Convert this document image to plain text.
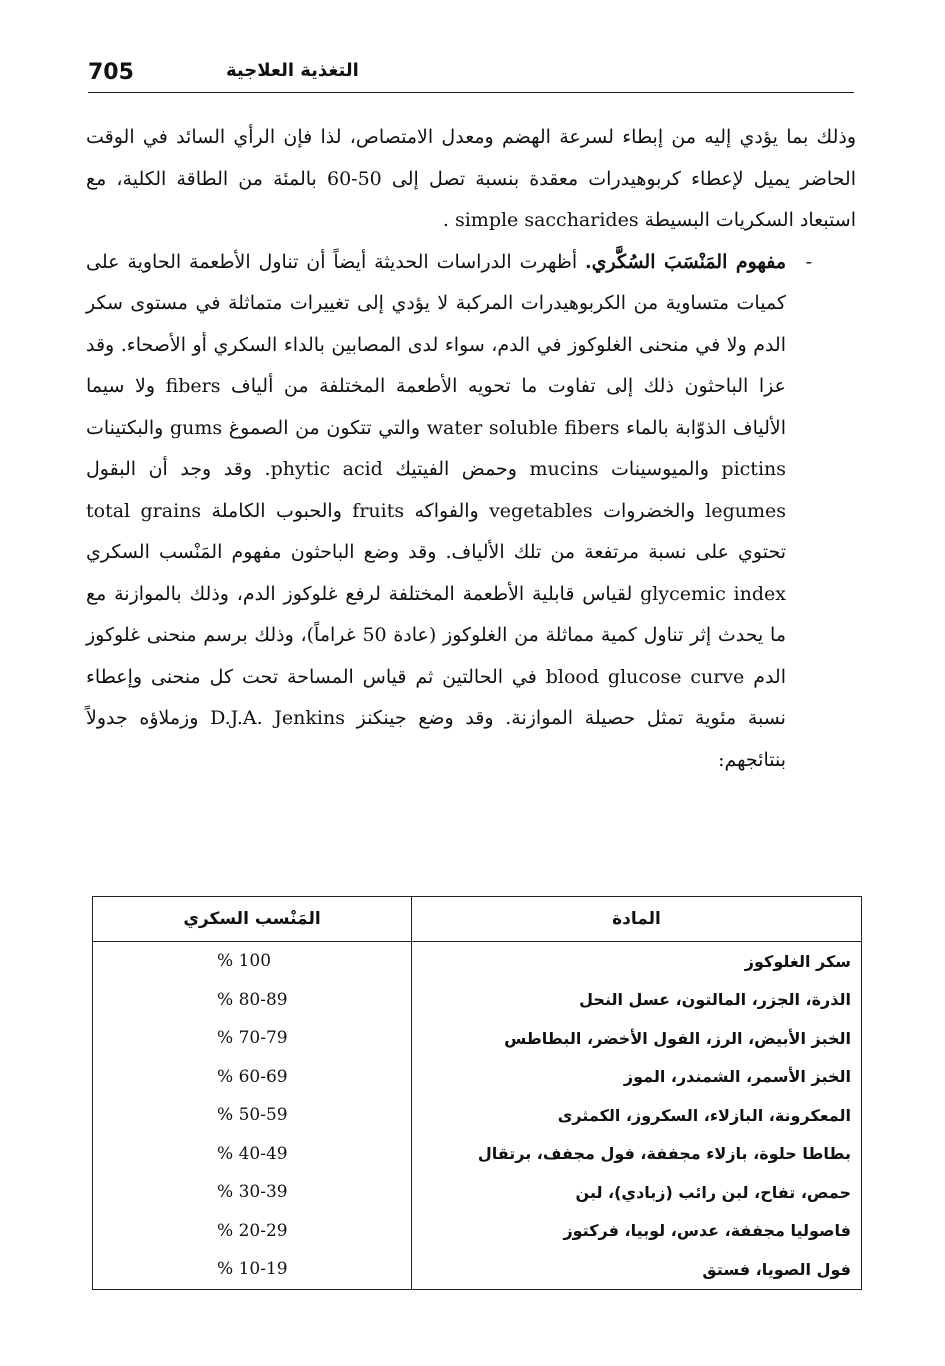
705	التغذية العلاجية

وذلك بما يؤدي إليه من إبطاء لسرعة الهضم ومعدل الامتصاص، لذا فإن الرأي السائد في الوقت الحاضر يميل لإعطاء كربوهيدرات معقدة بنسبة تصل إلى 50-60 بالمئة من الطاقة الكلية، مع استبعاد السكريات البسيطة simple saccharides .

-
مفهوم المَنْسَبَ السُكَّري. أظهرت الدراسات الحديثة أيضاً أن تناول الأطعمة الحاوية على كميات متساوية من الكربوهيدرات المركبة لا يؤدي إلى تغييرات متماثلة في مستوى سكر الدم ولا في منحنى الغلوكوز في الدم، سواء لدى المصابين بالداء السكري أو الأصحاء. وقد عزا الباحثون ذلك إلى تفاوت ما تحويه الأطعمة المختلفة من ألياف fibers ولا سيما الألياف الذوّابة بالماء water soluble fibers والتي تتكون من الصموغ gums والبكتينات pictins والميوسينات mucins وحمض الفيتيك phytic acid. وقد وجد أن البقول legumes والخضروات vegetables والفواكه fruits والحبوب الكاملة total grains تحتوي على نسبة مرتفعة من تلك الألياف. وقد وضع الباحثون مفهوم المَنْسب السكري glycemic index لقياس قابلية الأطعمة المختلفة لرفع غلوكوز الدم، وذلك بالموازنة مع ما يحدث إثر تناول كمية مماثلة من الغلوكوز (عادة 50 غراماً)، وذلك برسم منحنى غلوكوز الدم blood glucose curve في الحالتين ثم قياس المساحة تحت كل منحنى وإعطاء نسبة مئوية تمثل حصيلة الموازنة. وقد وضع جينكنز D.J.A. Jenkins وزملاؤه جدولاً بنتائجهم:

المادة	المَنْسب السكري
سكر الغلوكوز	100 %
الذرة، الجزر، المالتون، عسل النحل	80-89 %
الخبز الأبيض، الرز، الفول الأخضر، البطاطس	70-79 %
الخبز الأسمر، الشمندر، الموز	60-69 %
المعكرونة، البازلاء، السكروز، الكمثرى	50-59 %
بطاطا حلوة، بازلاء مجففة، فول مجفف، برتقال	40-49 %
حمص، تفاح، لبن رائب (زبادي)، لبن	30-39 %
فاصوليا مجففة، عدس، لوبيا، فركتوز	20-29 %
فول الصويا، فستق	10-19 %
